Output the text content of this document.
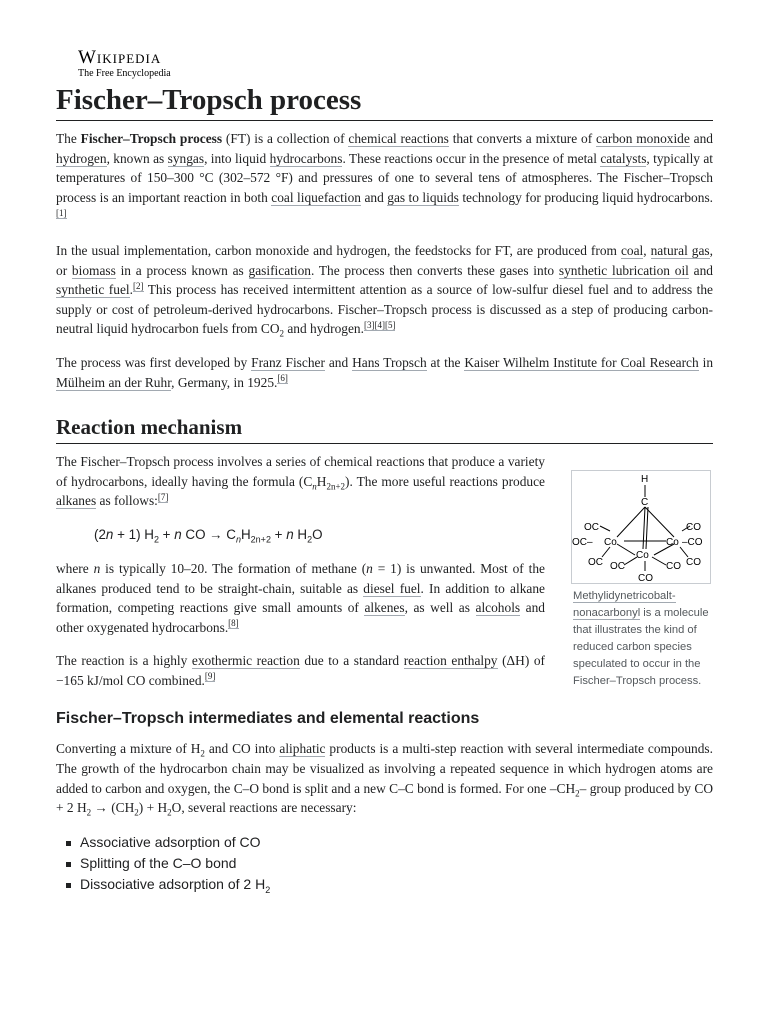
Wikipedia
The Free Encyclopedia
Fischer–Tropsch process

The Fischer–Tropsch process (FT) is a collection of chemical reactions that converts a mixture of carbon monoxide and hydrogen, known as syngas, into liquid hydrocarbons. These reactions occur in the presence of metal catalysts, typically at temperatures of 150–300 °C (302–572 °F) and pressures of one to several tens of atmospheres. The Fischer–Tropsch process is an important reaction in both coal liquefaction and gas to liquids technology for producing liquid hydrocarbons.[1]

In the usual implementation, carbon monoxide and hydrogen, the feedstocks for FT, are produced from coal, natural gas, or biomass in a process known as gasification. The process then converts these gases into synthetic lubrication oil and synthetic fuel.[2] This process has received intermittent attention as a source of low-sulfur diesel fuel and to address the supply or cost of petroleum-derived hydrocarbons. Fischer–Tropsch process is discussed as a step of producing carbon-neutral liquid hydrocarbon fuels from $CO_2$ and hydrogen.[3][4][5]

The process was first developed by Franz Fischer and Hans Tropsch at the Kaiser Wilhelm Institute for Coal Research in Mülheim an der Ruhr, Germany, in 1925.[6]

Reaction mechanism
H
C
OC	CO
OC– Co	Co –CO
Co
OC	CO
OC	CO
CO
Methylidynetricobalt-nonacarbonyl is a molecule that illustrates the kind of reduced carbon species speculated to occur in the Fischer–Tropsch process.

The Fischer–Tropsch process involves a series of chemical reactions that produce a variety of hydrocarbons, ideally having the formula $(C_nH_{2n+2})$. The more useful reactions produce alkanes as follows:[7]

(2n + 1) $H_2 + n$ CO → $C_nH_{2n+2} + n$ $H_2O$

where n is typically 10–20. The formation of methane (n = 1) is unwanted. Most of the alkanes produced tend to be straight-chain, suitable as diesel fuel. In addition to alkane formation, competing reactions give small amounts of alkenes, as well as alcohols and other oxygenated hydrocarbons.[8]

The reaction is a highly exothermic reaction due to a standard reaction enthalpy (ΔH) of −165 kJ/mol CO combined.[9]

Fischer–Tropsch intermediates and elemental reactions

Converting a mixture of $H_2$ and CO into aliphatic products is a multi-step reaction with several intermediate compounds. The growth of the hydrocarbon chain may be visualized as involving a repeated sequence in which hydrogen atoms are added to carbon and oxygen, the C–O bond is split and a new C–C bond is formed. For one $-CH_2-$ group produced by CO + 2 $H_2 \to (CH_2) + H_2O$, several reactions are necessary:

Associative adsorption of CO
Splitting of the C–O bond
Dissociative adsorption of 2 $H_2$
